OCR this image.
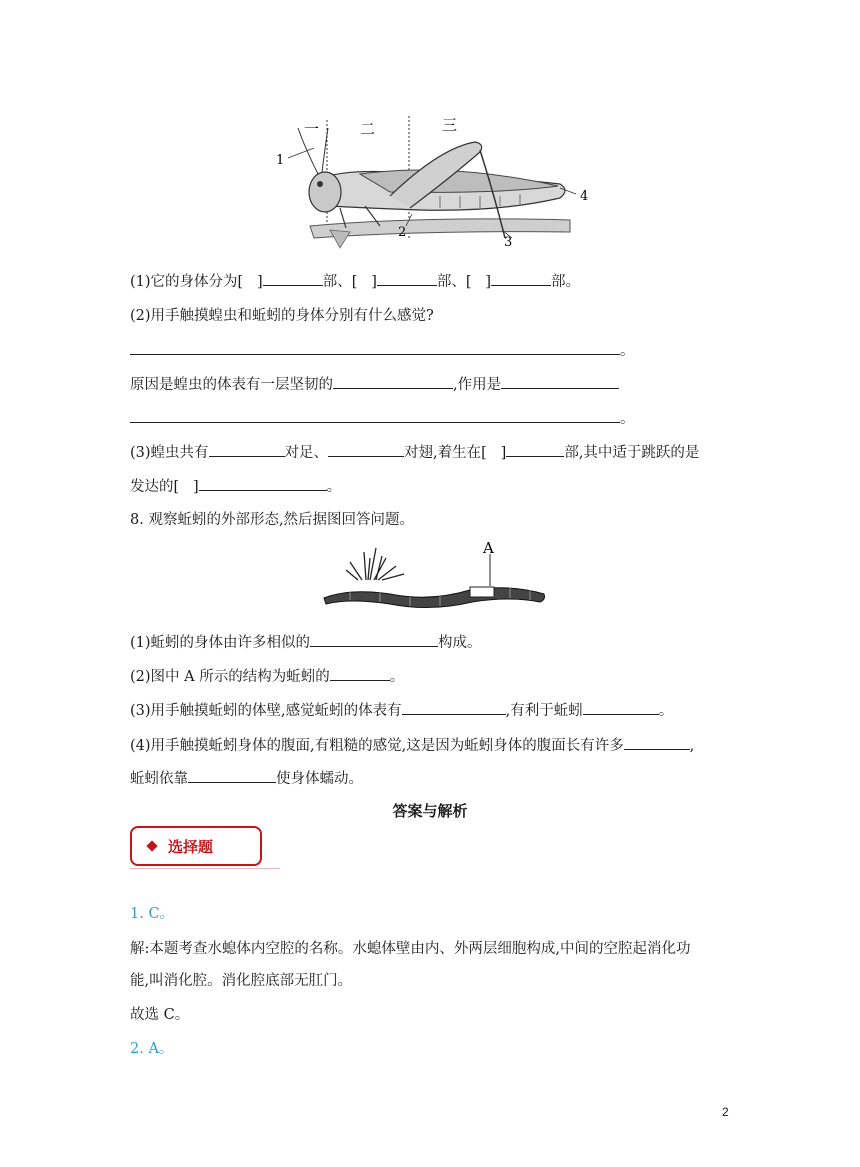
一	二	三
1
2
3
4
(1)它的身体分为[ ]	部、[ ]	部、[ ]	部。
(2)用手触摸蝗虫和蚯蚓的身体分别有什么感觉?
。
原因是蝗虫的体表有一层坚韧的	,作用是
。
(3)蝗虫共有	对足、	对翅,着生在[ ]	部,其中适于跳跃的是
发达的[ ]	。
8. 观察蚯蚓的外部形态,然后据图回答问题。
A
(1)蚯蚓的身体由许多相似的	构成。
(2)图中 A 所示的结构为蚯蚓的	。
(3)用手触摸蚯蚓的体壁,感觉蚯蚓的体表有	,有利于蚯蚓	。
(4)用手触摸蚯蚓身体的腹面,有粗糙的感觉,这是因为蚯蚓身体的腹面长有许多	,
蚯蚓依靠	使身体蠕动。
答案与解析
选择题
1. C。
解:本题考查水螅体内空腔的名称。水螅体壁由内、外两层细胞构成,中间的空腔起消化功
能,叫消化腔。消化腔底部无肛门。
故选 C。
2. A。
2
